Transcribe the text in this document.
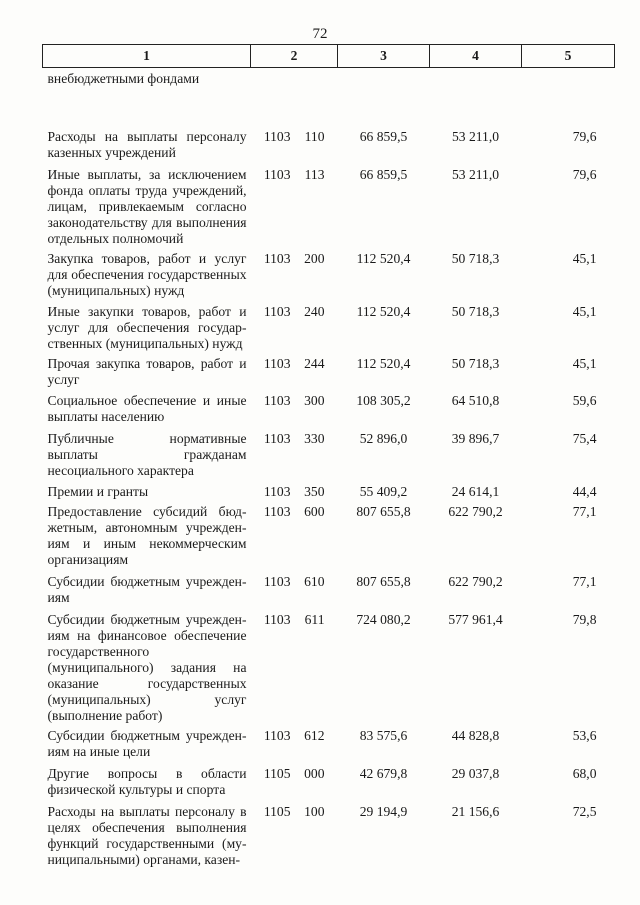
72
1	2	3	4	5
внебюджетными фондами				
Расходы на выплаты персоналу казенных учреждений	1103 110	66 859,5	53 211,0	79,6
Иные выплаты, за исключением фонда оплаты труда учреждений, лицам, привлекаемым согласно законодательству для выполнения отдельных полномочий	1103 113	66 859,5	53 211,0	79,6
Закупка товаров, работ и услуг для обеспечения государственных (муниципальных) нужд	1103 200	112 520,4	50 718,3	45,1
Иные закупки товаров, работ и услуг для обеспечения государственных (муниципальных) нужд	1103 240	112 520,4	50 718,3	45,1
Прочая закупка товаров, работ и услуг	1103 244	112 520,4	50 718,3	45,1
Социальное обеспечение и иные выплаты населению	1103 300	108 305,2	64 510,8	59,6
Публичные нормативные выплаты гражданам несоциального характера	1103 330	52 896,0	39 896,7	75,4
Премии и гранты	1103 350	55 409,2	24 614,1	44,4
Предоставление субсидий бюджетным, автономным учреждениям и иным некоммерческим организациям	1103 600	807 655,8	622 790,2	77,1
Субсидии бюджетным учреждениям	1103 610	807 655,8	622 790,2	77,1
Субсидии бюджетным учреждениям на финансовое обеспечение государственного (муниципального) задания на оказание государственных (муниципальных) услуг (выполнение работ)	1103 611	724 080,2	577 961,4	79,8
Субсидии бюджетным учреждениям на иные цели	1103 612	83 575,6	44 828,8	53,6
Другие вопросы в области физической культуры и спорта	1105 000	42 679,8	29 037,8	68,0
Расходы на выплаты персоналу в целях обеспечения выполнения функций государственными (муниципальными) органами, казен-	1105 100	29 194,9	21 156,6	72,5
